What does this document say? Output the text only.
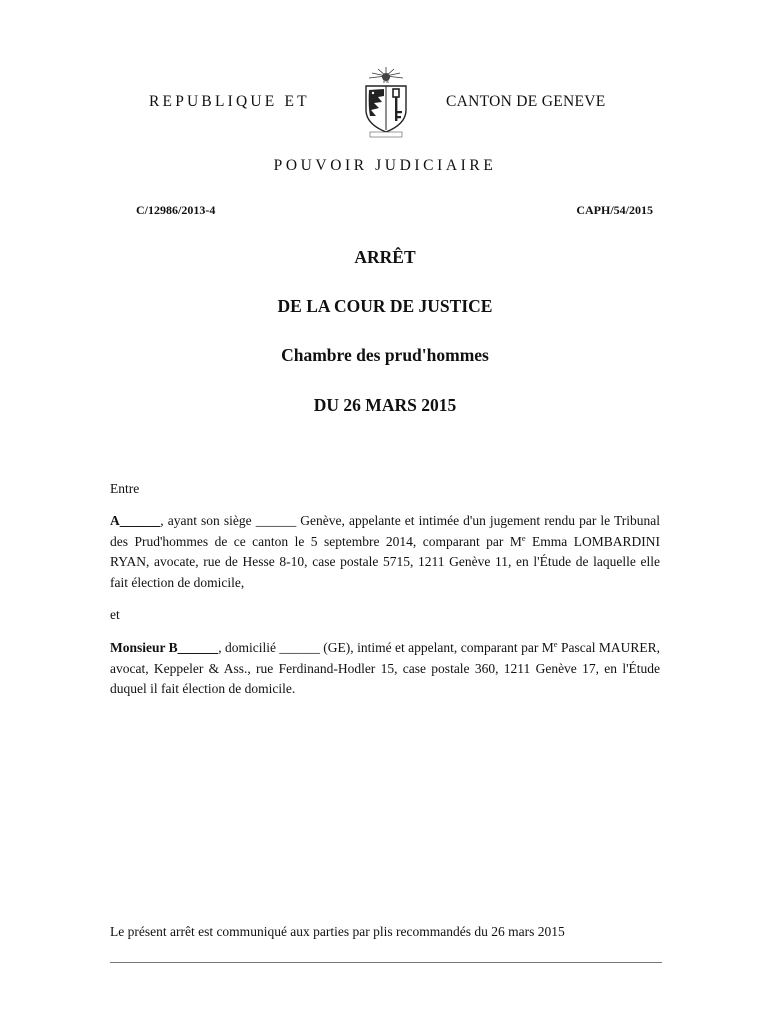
REPUBLIQUE ET
IHS
CANTON DE GENEVE
POUVOIR JUDICIAIRE
C/12986/2013-4	CAPH/54/2015
ARRÊT
DE LA COUR DE JUSTICE
Chambre des prud'hommes
DU 26 MARS 2015
Entre
A______, ayant son siège ______ Genève, appelante et intimée d'un jugement rendu par le Tribunal des Prud'hommes de ce canton le 5 septembre 2014, comparant par Me Emma LOMBARDINI RYAN, avocate, rue de Hesse 8-10, case postale 5715, 1211 Genève 11, en l'Étude de laquelle elle fait élection de domicile,
et
Monsieur B______, domicilié ______ (GE), intimé et appelant, comparant par Me Pascal MAURER, avocat, Keppeler & Ass., rue Ferdinand-Hodler 15, case postale 360, 1211 Genève 17, en l'Étude duquel il fait élection de domicile.
Le présent arrêt est communiqué aux parties par plis recommandés du 26 mars 2015
